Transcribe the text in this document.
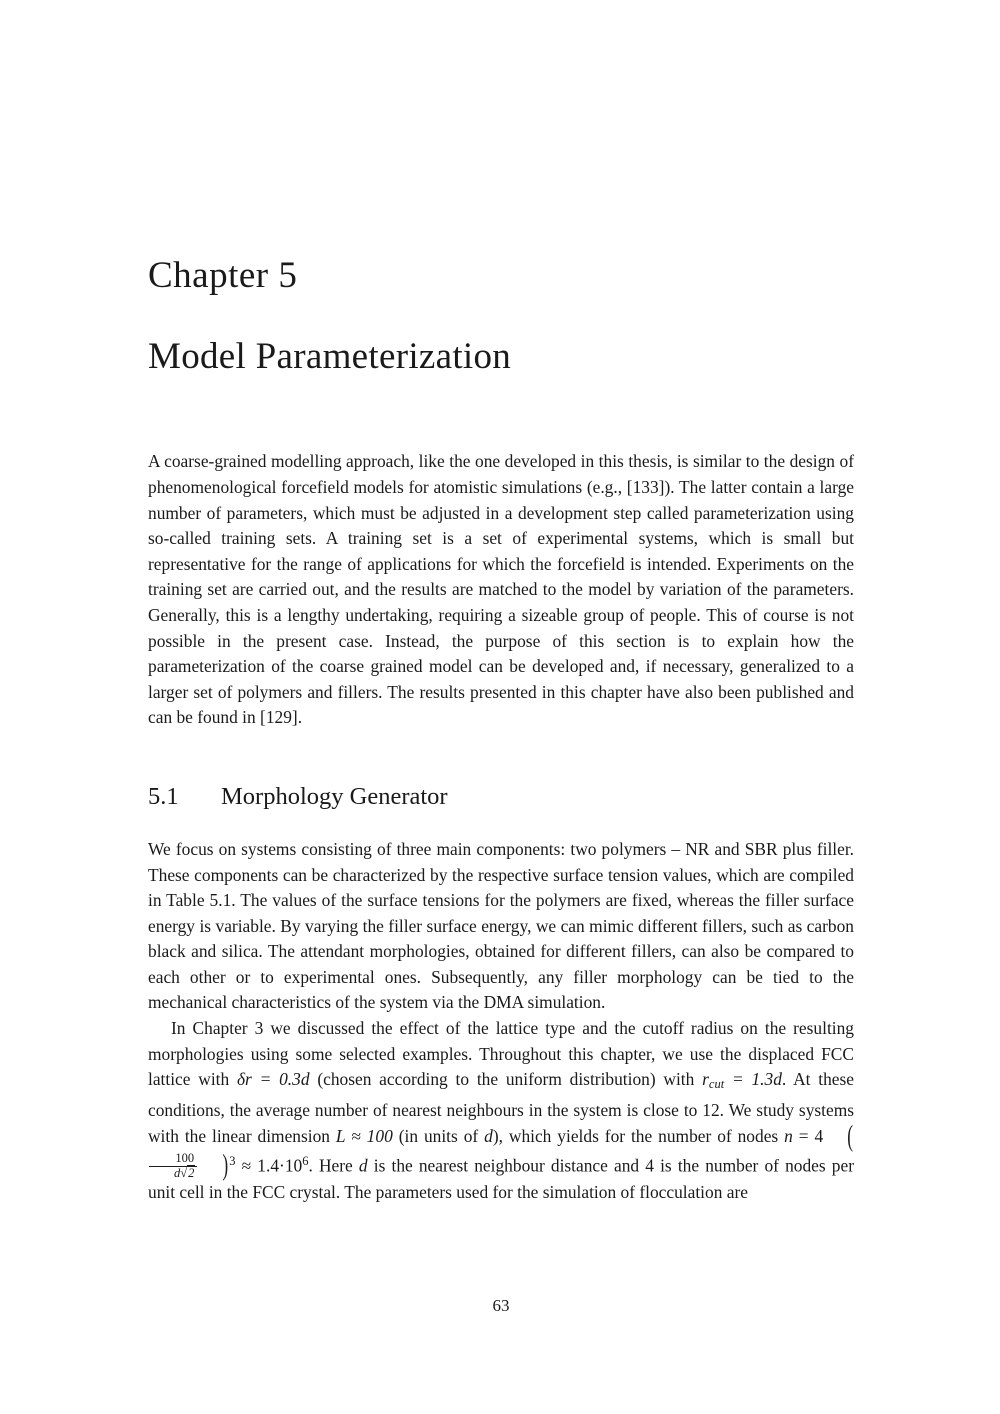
Chapter 5
Model Parameterization

A coarse-grained modelling approach, like the one developed in this thesis, is similar to the design of phenomenological forcefield models for atomistic simulations (e.g., [133]). The latter contain a large number of parameters, which must be adjusted in a development step called parameterization using so-called training sets. A training set is a set of experimental systems, which is small but representative for the range of applications for which the forcefield is intended. Experiments on the training set are carried out, and the results are matched to the model by variation of the parameters. Generally, this is a lengthy undertaking, requiring a sizeable group of people. This of course is not possible in the present case. Instead, the purpose of this section is to explain how the parameterization of the coarse grained model can be developed and, if necessary, generalized to a larger set of polymers and fillers. The results presented in this chapter have also been published and can be found in [129].

5.1	Morphology Generator

We focus on systems consisting of three main components: two polymers – NR and SBR plus filler. These components can be characterized by the respective surface tension values, which are compiled in Table 5.1. The values of the surface tensions for the polymers are fixed, whereas the filler surface energy is variable. By varying the filler surface energy, we can mimic different fillers, such as carbon black and silica. The attendant morphologies, obtained for different fillers, can also be compared to each other or to experimental ones. Subsequently, any filler morphology can be tied to the mechanical characteristics of the system via the DMA simulation.

In Chapter 3 we discussed the effect of the lattice type and the cutoff radius on the resulting morphologies using some selected examples. Throughout this chapter, we use the displaced FCC lattice with δr = 0.3d (chosen according to the uniform distribution) with $r_{cut} = 1.3d$. At these conditions, the average number of nearest neighbours in the system is close to 12. We study systems with the linear dimension L ≈ 100 (in units of d), which yields for the number of nodes n = 4 (
$\frac{100}{d√2} )^3 \approx 1.4\cdot 10^6$. Here d is the nearest neighbour distance and 4 is the number of nodes per unit cell in the FCC crystal. The parameters used for the simulation of flocculation are

63
